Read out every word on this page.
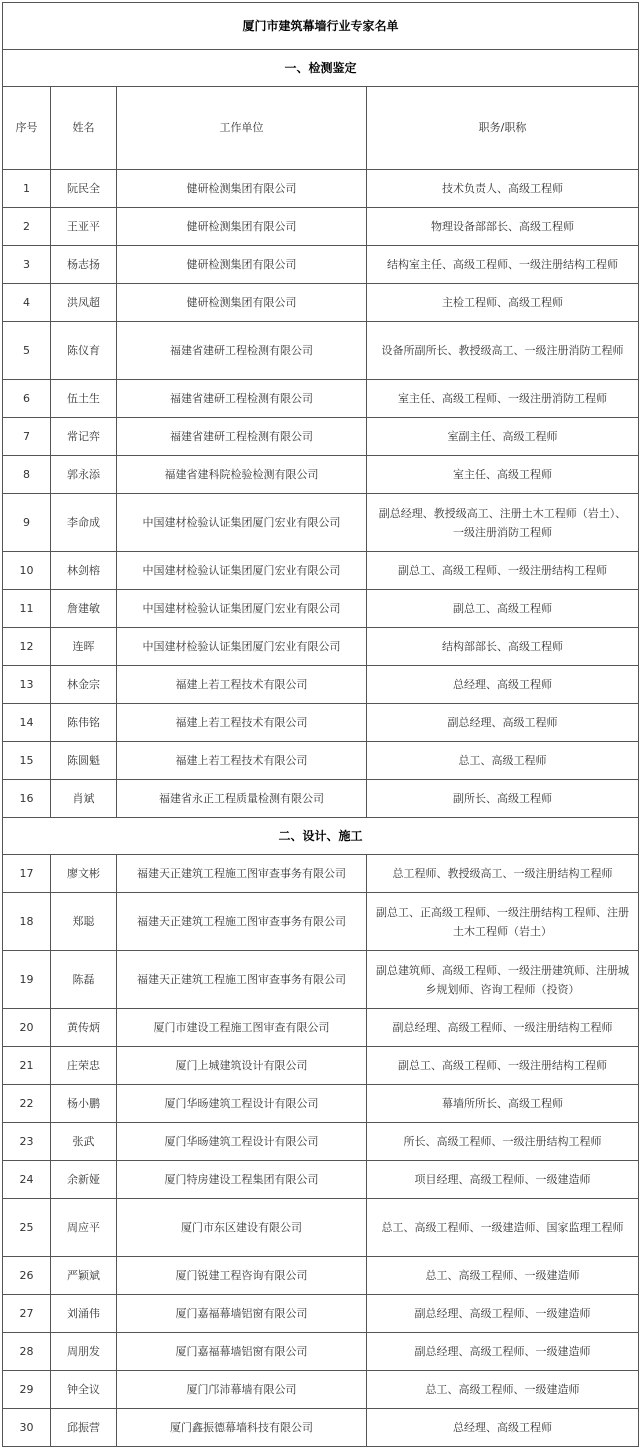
厦门市建筑幕墙行业专家名单			
一、检测鉴定			
序号	姓名	工作单位	职务/职称
1	阮民全	健研检测集团有限公司	技术负责人、高级工程师
2	王亚平	健研检测集团有限公司	物理设备部部长、高级工程师
3	杨志扬	健研检测集团有限公司	结构室主任、高级工程师、一级注册结构工程师
4	洪凤超	健研检测集团有限公司	主检工程师、高级工程师
5	陈仪育	福建省建研工程检测有限公司	设备所副所长、教授级高工、一级注册消防工程师
6	伍土生	福建省建研工程检测有限公司	室主任、高级工程师、一级注册消防工程师
7	常记弈	福建省建研工程检测有限公司	室副主任、高级工程师
8	郭永添	福建省建科院检验检测有限公司	室主任、高级工程师
9	李命成	中国建材检验认证集团厦门宏业有限公司	副总经理、教授级高工、注册土木工程师（岩土）、一级注册消防工程师
10	林剑榕	中国建材检验认证集团厦门宏业有限公司	副总工、高级工程师、一级注册结构工程师
11	詹建敏	中国建材检验认证集团厦门宏业有限公司	副总工、高级工程师
12	连晖	中国建材检验认证集团厦门宏业有限公司	结构部部长、高级工程师
13	林金宗	福建上若工程技术有限公司	总经理、高级工程师
14	陈伟铭	福建上若工程技术有限公司	副总经理、高级工程师
15	陈圆魁	福建上若工程技术有限公司	总工、高级工程师
16	肖斌	福建省永正工程质量检测有限公司	副所长、高级工程师
二、设计、施工			
17	廖文彬	福建天正建筑工程施工图审查事务有限公司	总工程师、教授级高工、一级注册结构工程师
18	郑聪	福建天正建筑工程施工图审查事务有限公司	副总工、正高级工程师、一级注册结构工程师、注册土木工程师（岩土）
19	陈磊	福建天正建筑工程施工图审查事务有限公司	副总建筑师、高级工程师、一级注册建筑师、注册城乡规划师、咨询工程师（投资）
20	黄传炳	厦门市建设工程施工图审查有限公司	副总经理、高级工程师、一级注册结构工程师
21	庄荣忠	厦门上城建筑设计有限公司	副总工、高级工程师、一级注册结构工程师
22	杨小鹏	厦门华旸建筑工程设计有限公司	幕墙所所长、高级工程师
23	张武	厦门华旸建筑工程设计有限公司	所长、高级工程师、一级注册结构工程师
24	余新娅	厦门特房建设工程集团有限公司	项目经理、高级工程师、一级建造师
25	周应平	厦门市东区建设有限公司	总工、高级工程师、一级建造师、国家监理工程师
26	严颖斌	厦门锐建工程咨询有限公司	总工、高级工程师、一级建造师
27	刘涌伟	厦门嘉福幕墙铝窗有限公司	副总经理、高级工程师、一级建造师
28	周朋发	厦门嘉福幕墙铝窗有限公司	副总经理、高级工程师、一级建造师
29	钟全议	厦门邝沛幕墙有限公司	总工、高级工程师、一级建造师
30	邱振营	厦门鑫振德幕墙科技有限公司	总经理、高级工程师
